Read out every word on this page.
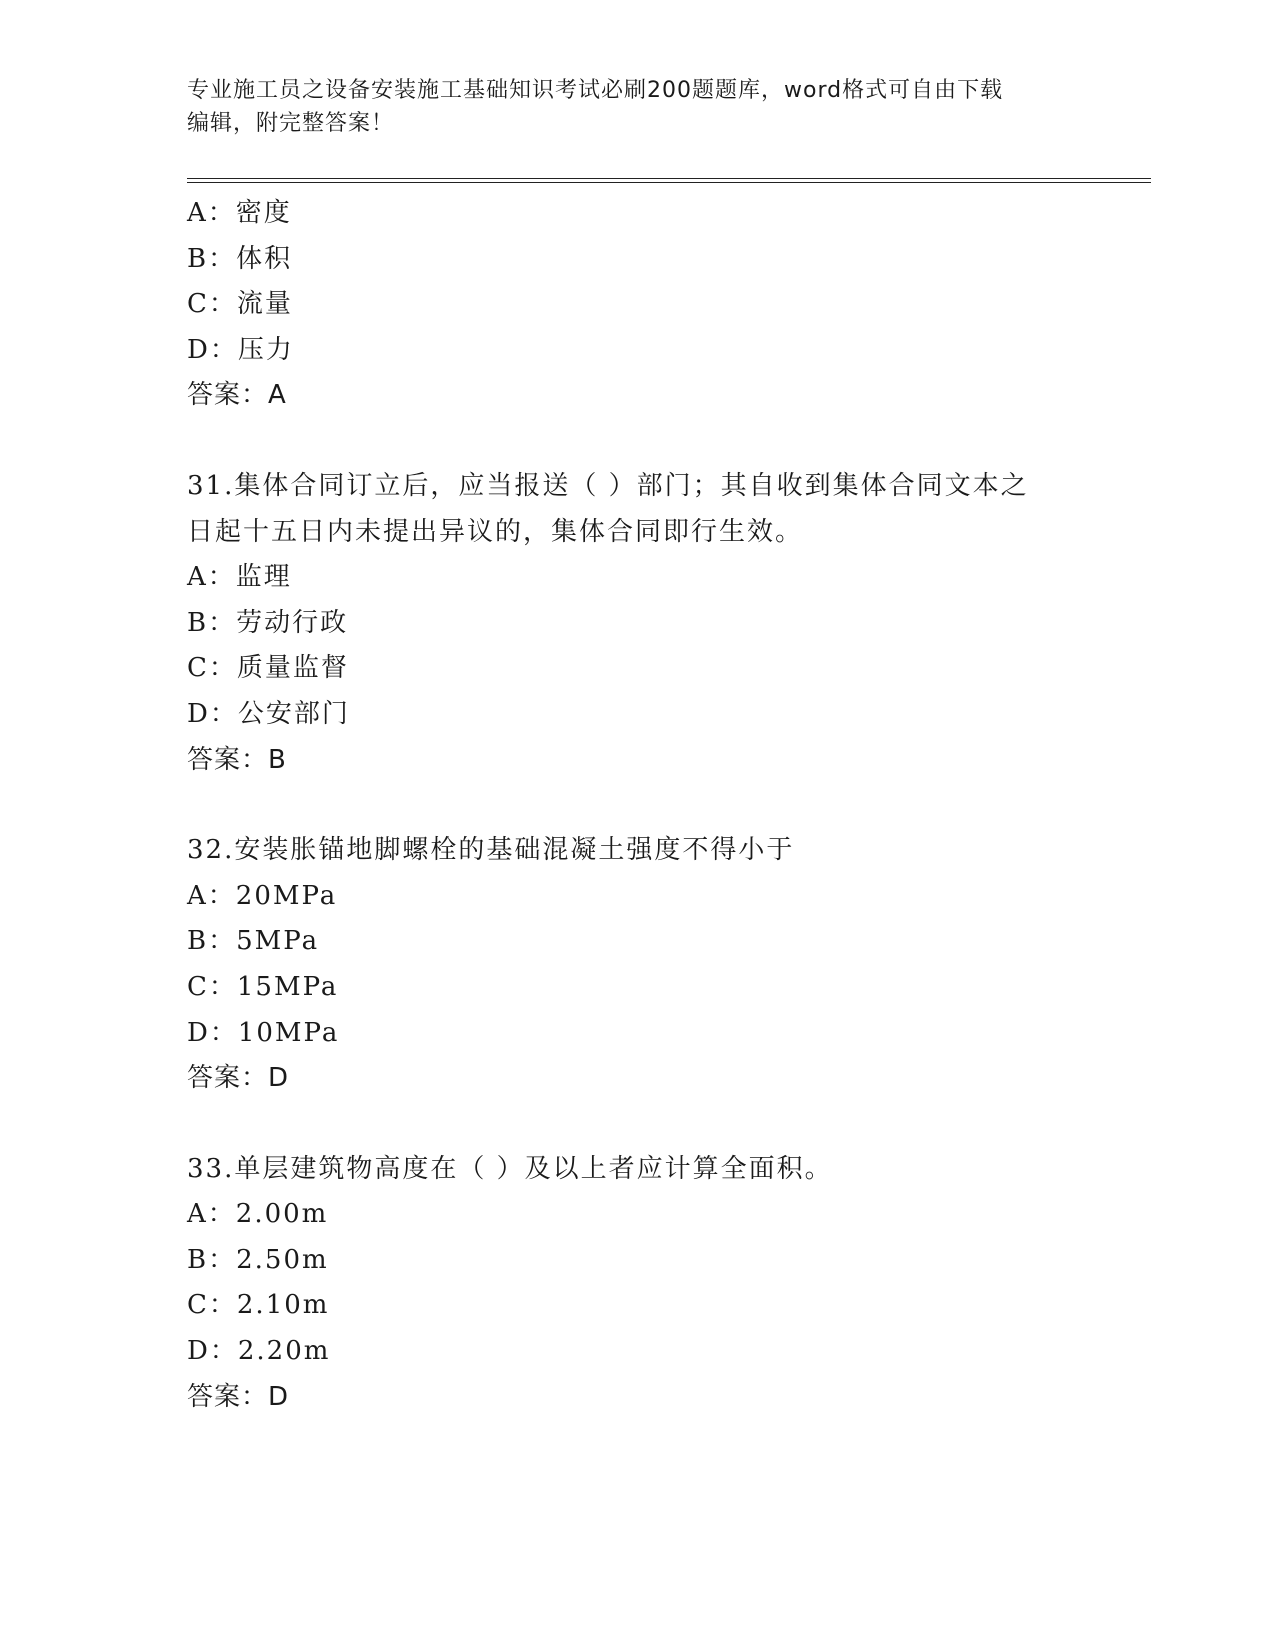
专业施工员之设备安装施工基础知识考试必刷200题题库，word格式可自由下载
编辑，附完整答案！
A：密度
B：体积
C：流量
D：压力
答案：A
31.集体合同订立后，应当报送（ ）部门；其自收到集体合同文本之
日起十五日内未提出异议的，集体合同即行生效。
A：监理
B：劳动行政
C：质量监督
D：公安部门
答案：B
32.安装胀锚地脚螺栓的基础混凝土强度不得小于
A：20MPa
B：5MPa
C：15MPa
D：10MPa
答案：D
33.单层建筑物高度在（ ）及以上者应计算全面积。
A：2.00m
B：2.50m
C：2.10m
D：2.20m
答案：D
